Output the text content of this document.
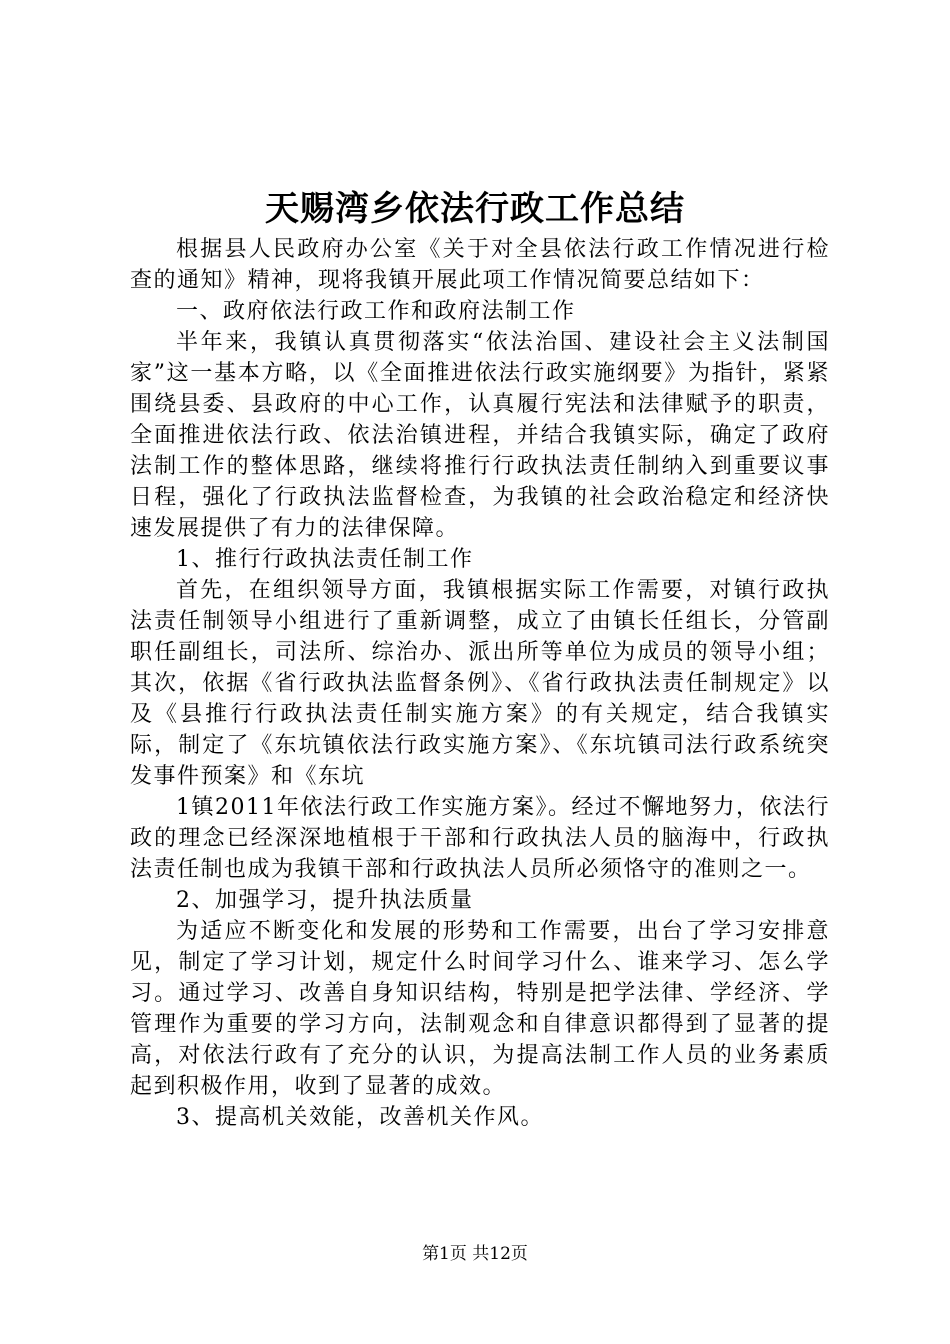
天赐湾乡依法行政工作总结

根据县人民政府办公室《关于对全县依法行政工作情况进行检查的通知》精神，现将我镇开展此项工作情况简要总结如下：

一、政府依法行政工作和政府法制工作

半年来，我镇认真贯彻落实“依法治国、建设社会主义法制国家”这一基本方略，以《全面推进依法行政实施纲要》为指针，紧紧围绕县委、县政府的中心工作，认真履行宪法和法律赋予的职责，全面推进依法行政、依法治镇进程，并结合我镇实际，确定了政府法制工作的整体思路，继续将推行行政执法责任制纳入到重要议事日程，强化了行政执法监督检查，为我镇的社会政治稳定和经济快速发展提供了有力的法律保障。

1、推行行政执法责任制工作

首先，在组织领导方面，我镇根据实际工作需要，对镇行政执法责任制领导小组进行了重新调整，成立了由镇长任组长，分管副职任副组长，司法所、综治办、派出所等单位为成员的领导小组；其次，依据《省行政执法监督条例》、《省行政执法责任制规定》以及《县推行行政执法责任制实施方案》的有关规定，结合我镇实际，制定了《东坑镇依法行政实施方案》、《东坑镇司法行政系统突发事件预案》和《东坑

1镇2011年依法行政工作实施方案》。经过不懈地努力，依法行政的理念已经深深地植根于干部和行政执法人员的脑海中，行政执法责任制也成为我镇干部和行政执法人员所必须恪守的准则之一。

2、加强学习，提升执法质量

为适应不断变化和发展的形势和工作需要，出台了学习安排意见，制定了学习计划，规定什么时间学习什么、谁来学习、怎么学习。通过学习、改善自身知识结构，特别是把学法律、学经济、学管理作为重要的学习方向，法制观念和自律意识都得到了显著的提高，对依法行政有了充分的认识，为提高法制工作人员的业务素质起到积极作用，收到了显著的成效。

3、提高机关效能，改善机关作风。

第1页 共12页
